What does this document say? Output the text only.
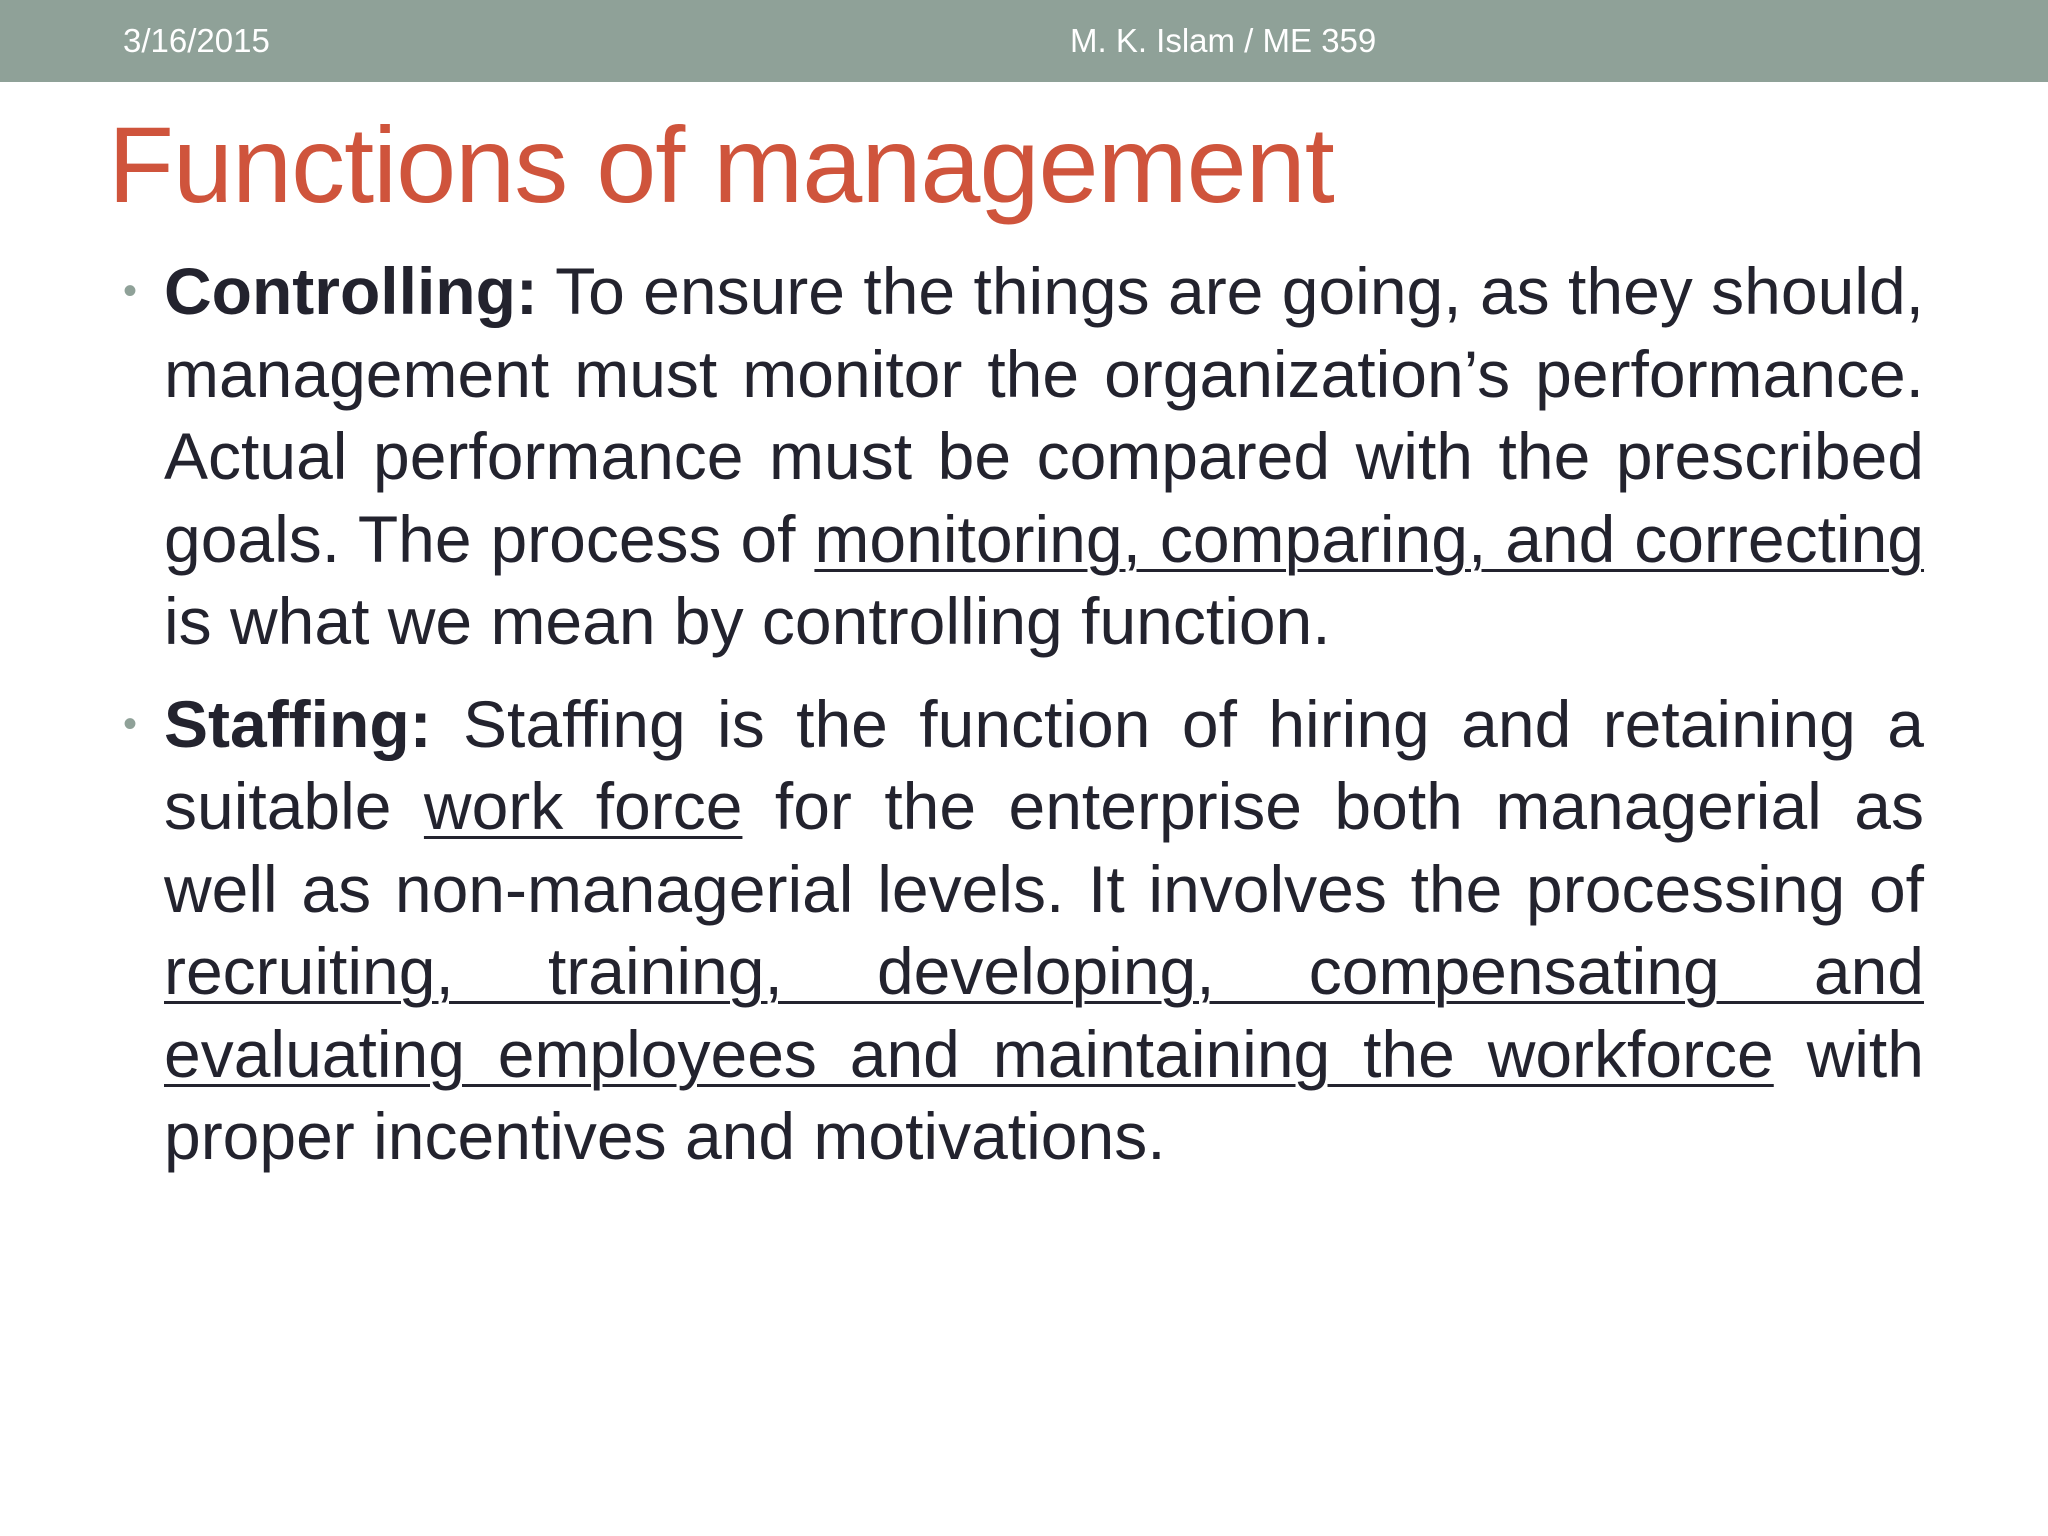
3/16/2015	M. K. Islam / ME 359
Functions of management
• Controlling: To ensure the things are going, as they should, management must monitor the organization’s performance. Actual performance must be compared with the prescribed goals. The process of monitoring, comparing, and correcting is what we mean by controlling function.
• Staffing: Staffing is the function of hiring and retaining a suitable work force for the enterprise both managerial as well as non-managerial levels. It involves the processing of recruiting, training, developing, compensating and evaluating employees and maintaining the workforce with proper incentives and motivations.
